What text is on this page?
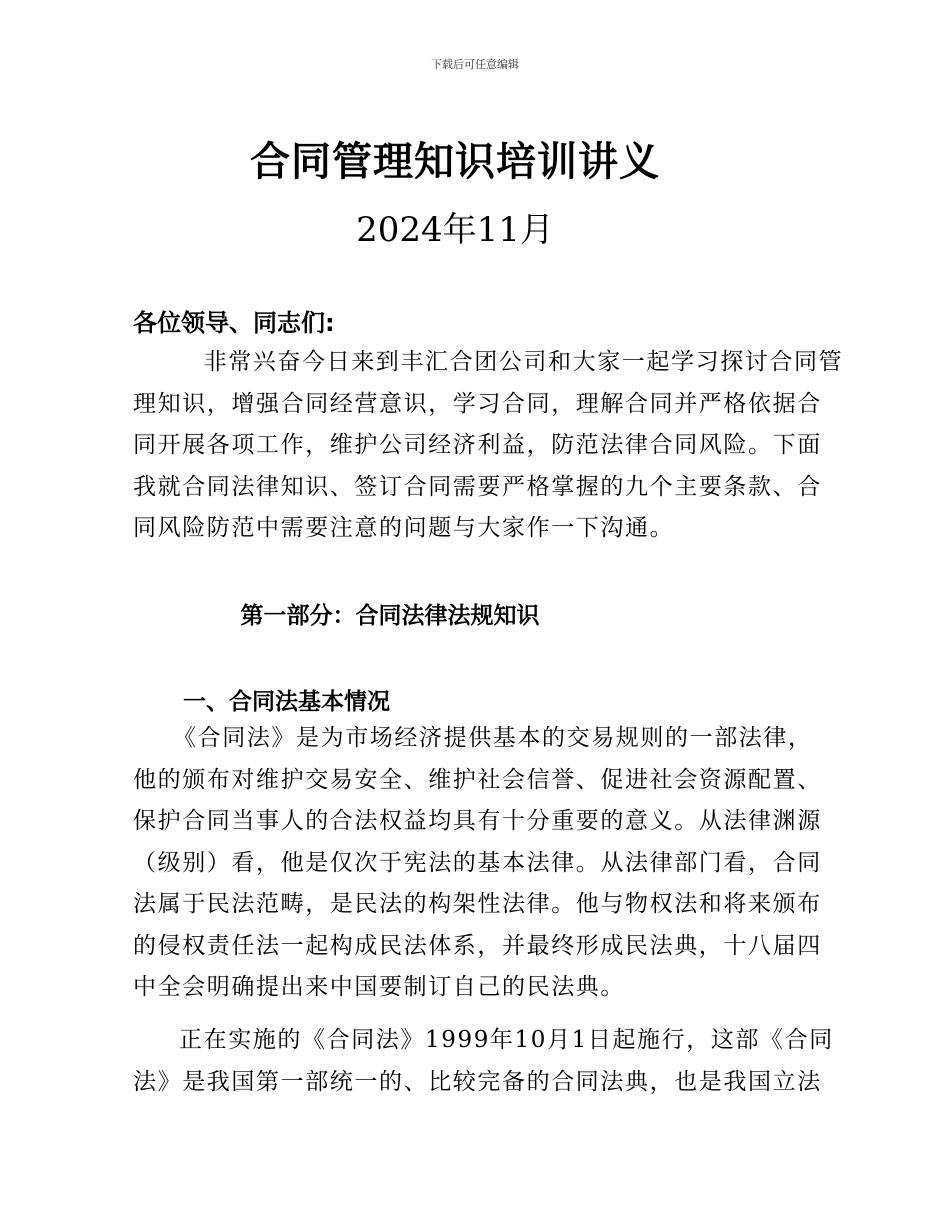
下载后可任意编辑
合同管理知识培训讲义
2024年11月
各位领导、同志们:
　非常兴奋今日来到丰汇合团公司和大家一起学习探讨合同管
理知识，增强合同经营意识，学习合同，理解合同并严格依据合
同开展各项工作，维护公司经济利益，防范法律合同风险。下面
我就合同法律知识、签订合同需要严格掌握的九个主要条款、合
同风险防范中需要注意的问题与大家作一下沟通。
第一部分：合同法律法规知识
一、合同法基本情况
《合同法》是为市场经济提供基本的交易规则的一部法律，
他的颁布对维护交易安全、维护社会信誉、促进社会资源配置、
保护合同当事人的合法权益均具有十分重要的意义。从法律渊源
（级别）看，他是仅次于宪法的基本法律。从法律部门看，合同
法属于民法范畴，是民法的构架性法律。他与物权法和将来颁布
的侵权责任法一起构成民法体系，并最终形成民法典，十八届四
中全会明确提出来中国要制订自己的民法典。
正在实施的《合同法》1999年10月1日起施行，这部《合同
法》是我国第一部统一的、比较完备的合同法典，也是我国立法
